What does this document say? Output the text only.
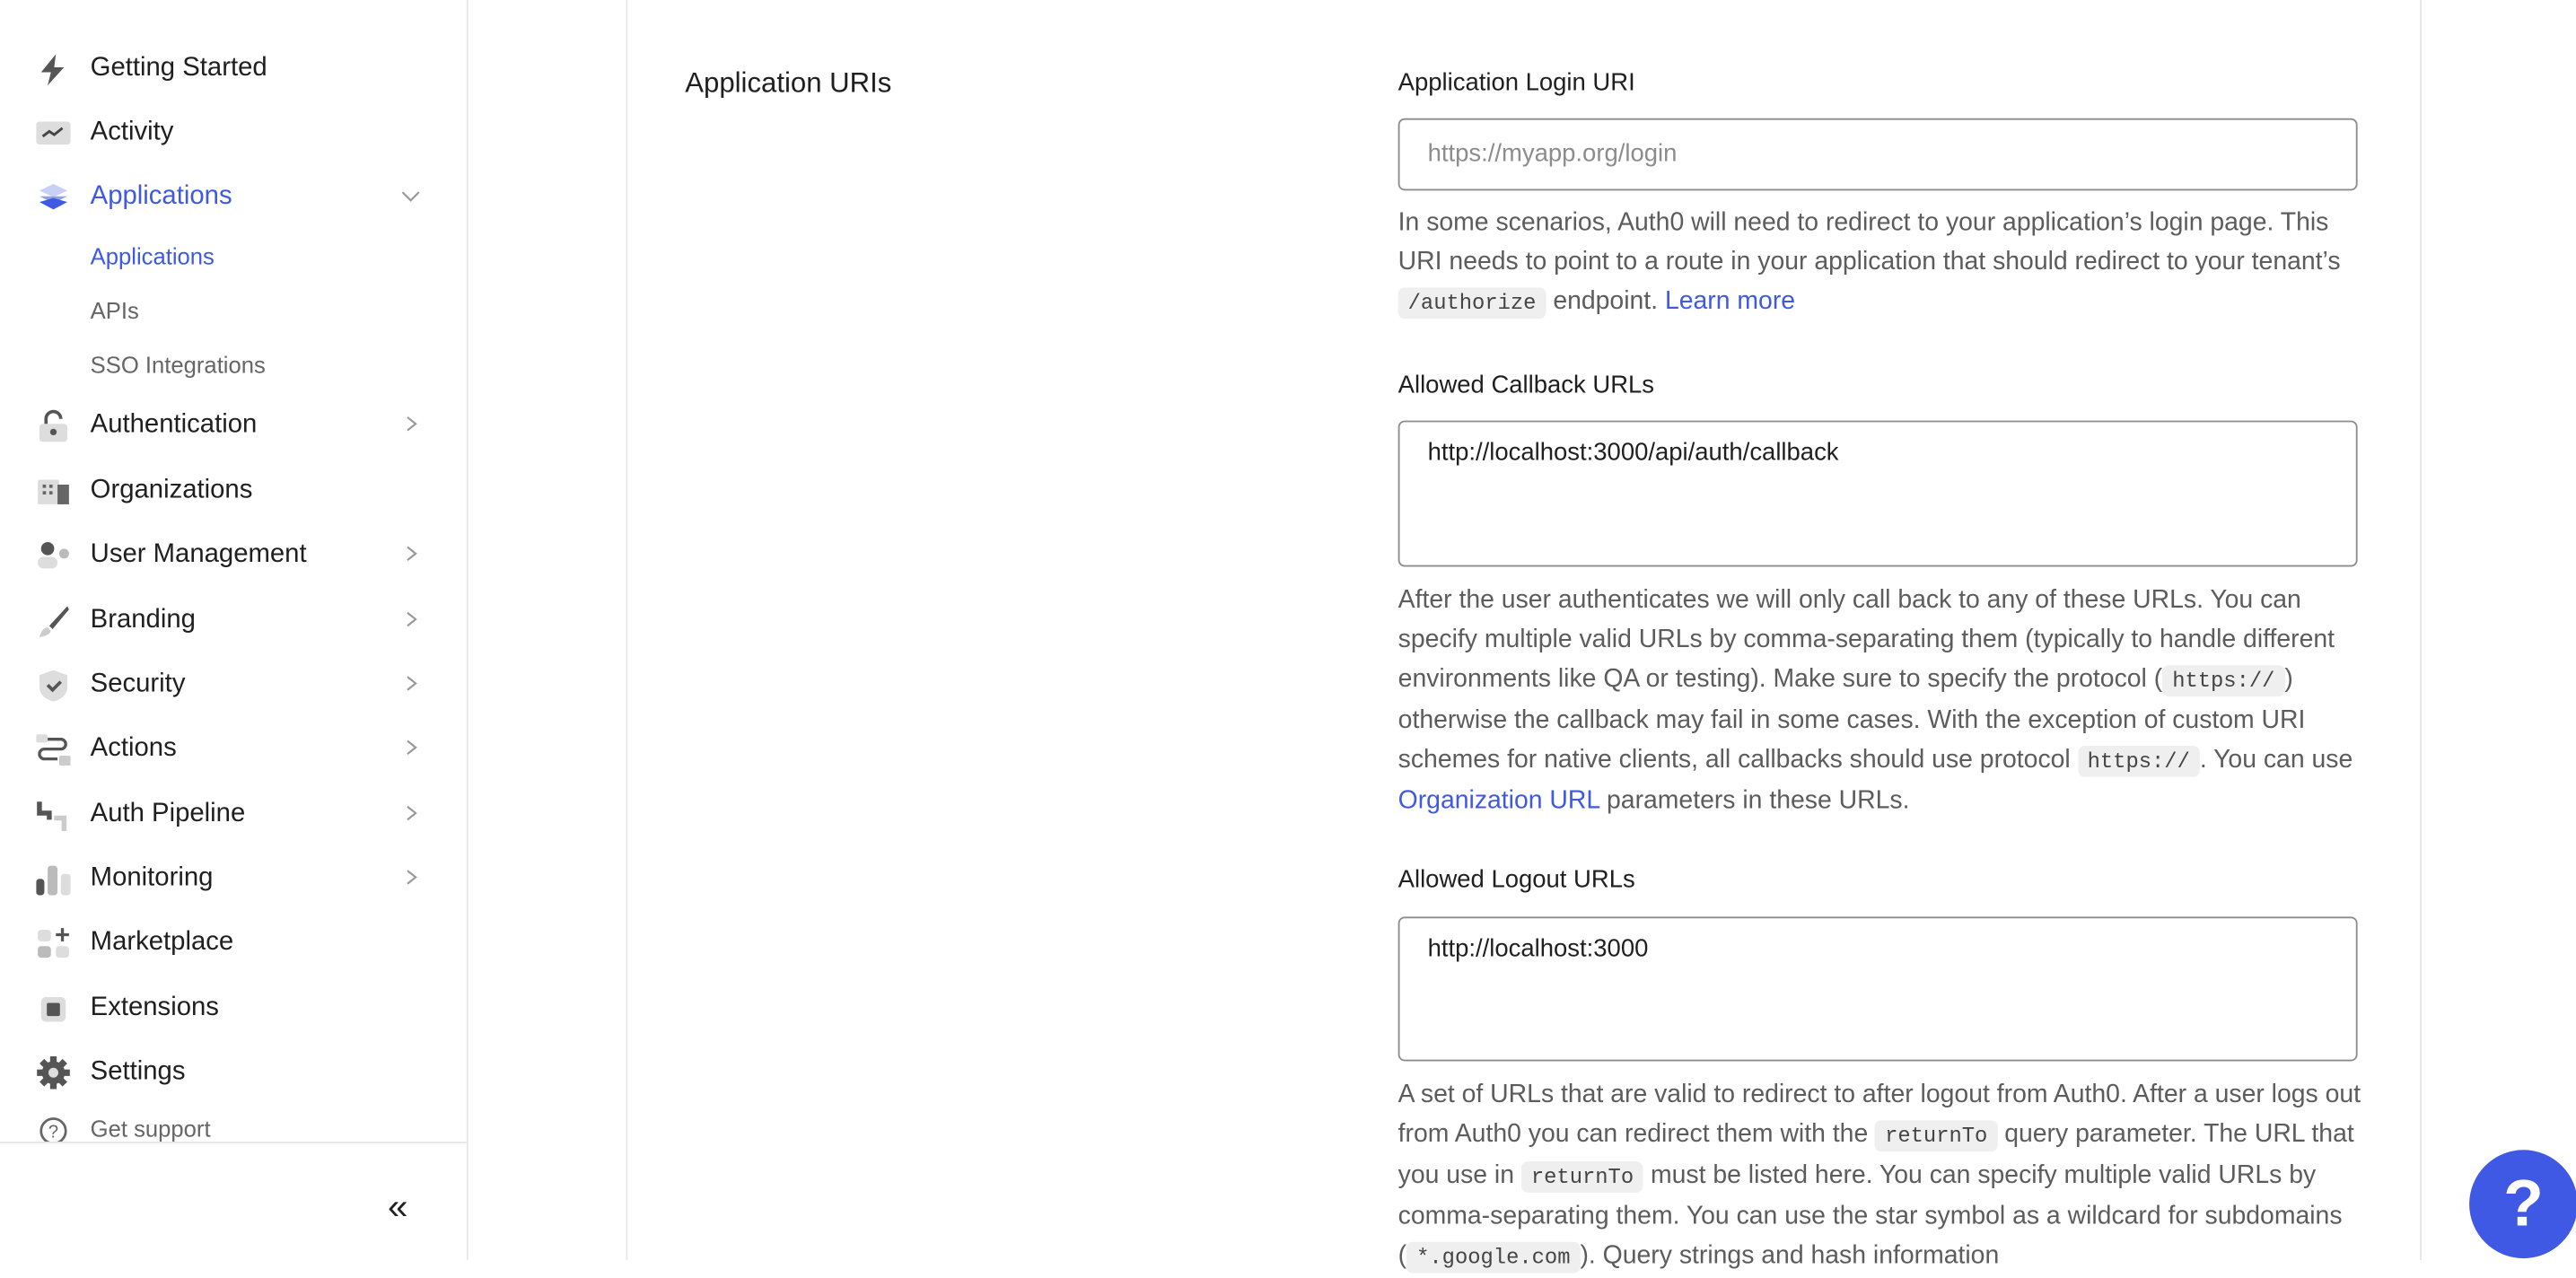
Getting Started
Activity
Applications
Authentication
Organizations
User Management
Branding
Security
Actions
Auth Pipeline
Monitoring
Marketplace
Extensions
Settings
Applications
APIs
SSO Integrations
?	Get support
«
Application URIs	Application Login URI
https://myapp.org/login
In some scenarios, Auth0 will need to redirect to your application’s login page. This URI needs to point to a route in your application that should redirect to your tenant’s /authorize endpoint. Learn more
Allowed Callback URLs
http://localhost:3000/api/auth/callback
After the user authenticates we will only call back to any of these URLs. You can specify multiple valid URLs by comma-separating them (typically to handle different environments like QA or testing). Make sure to specify the protocol ( https:// ) otherwise the callback may fail in some cases. With the exception of custom URI schemes for native clients, all callbacks should use protocol https:// . You can use Organization URL parameters in these URLs.
Allowed Logout URLs
http://localhost:3000
A set of URLs that are valid to redirect to after logout from Auth0. After a user logs out from Auth0 you can redirect them with the returnTo query parameter. The URL that you use in returnTo must be listed here. You can specify multiple valid URLs by comma-separating them. You can use the star symbol as a wildcard for subdomains ( *.google.com ). Query strings and hash information
?
